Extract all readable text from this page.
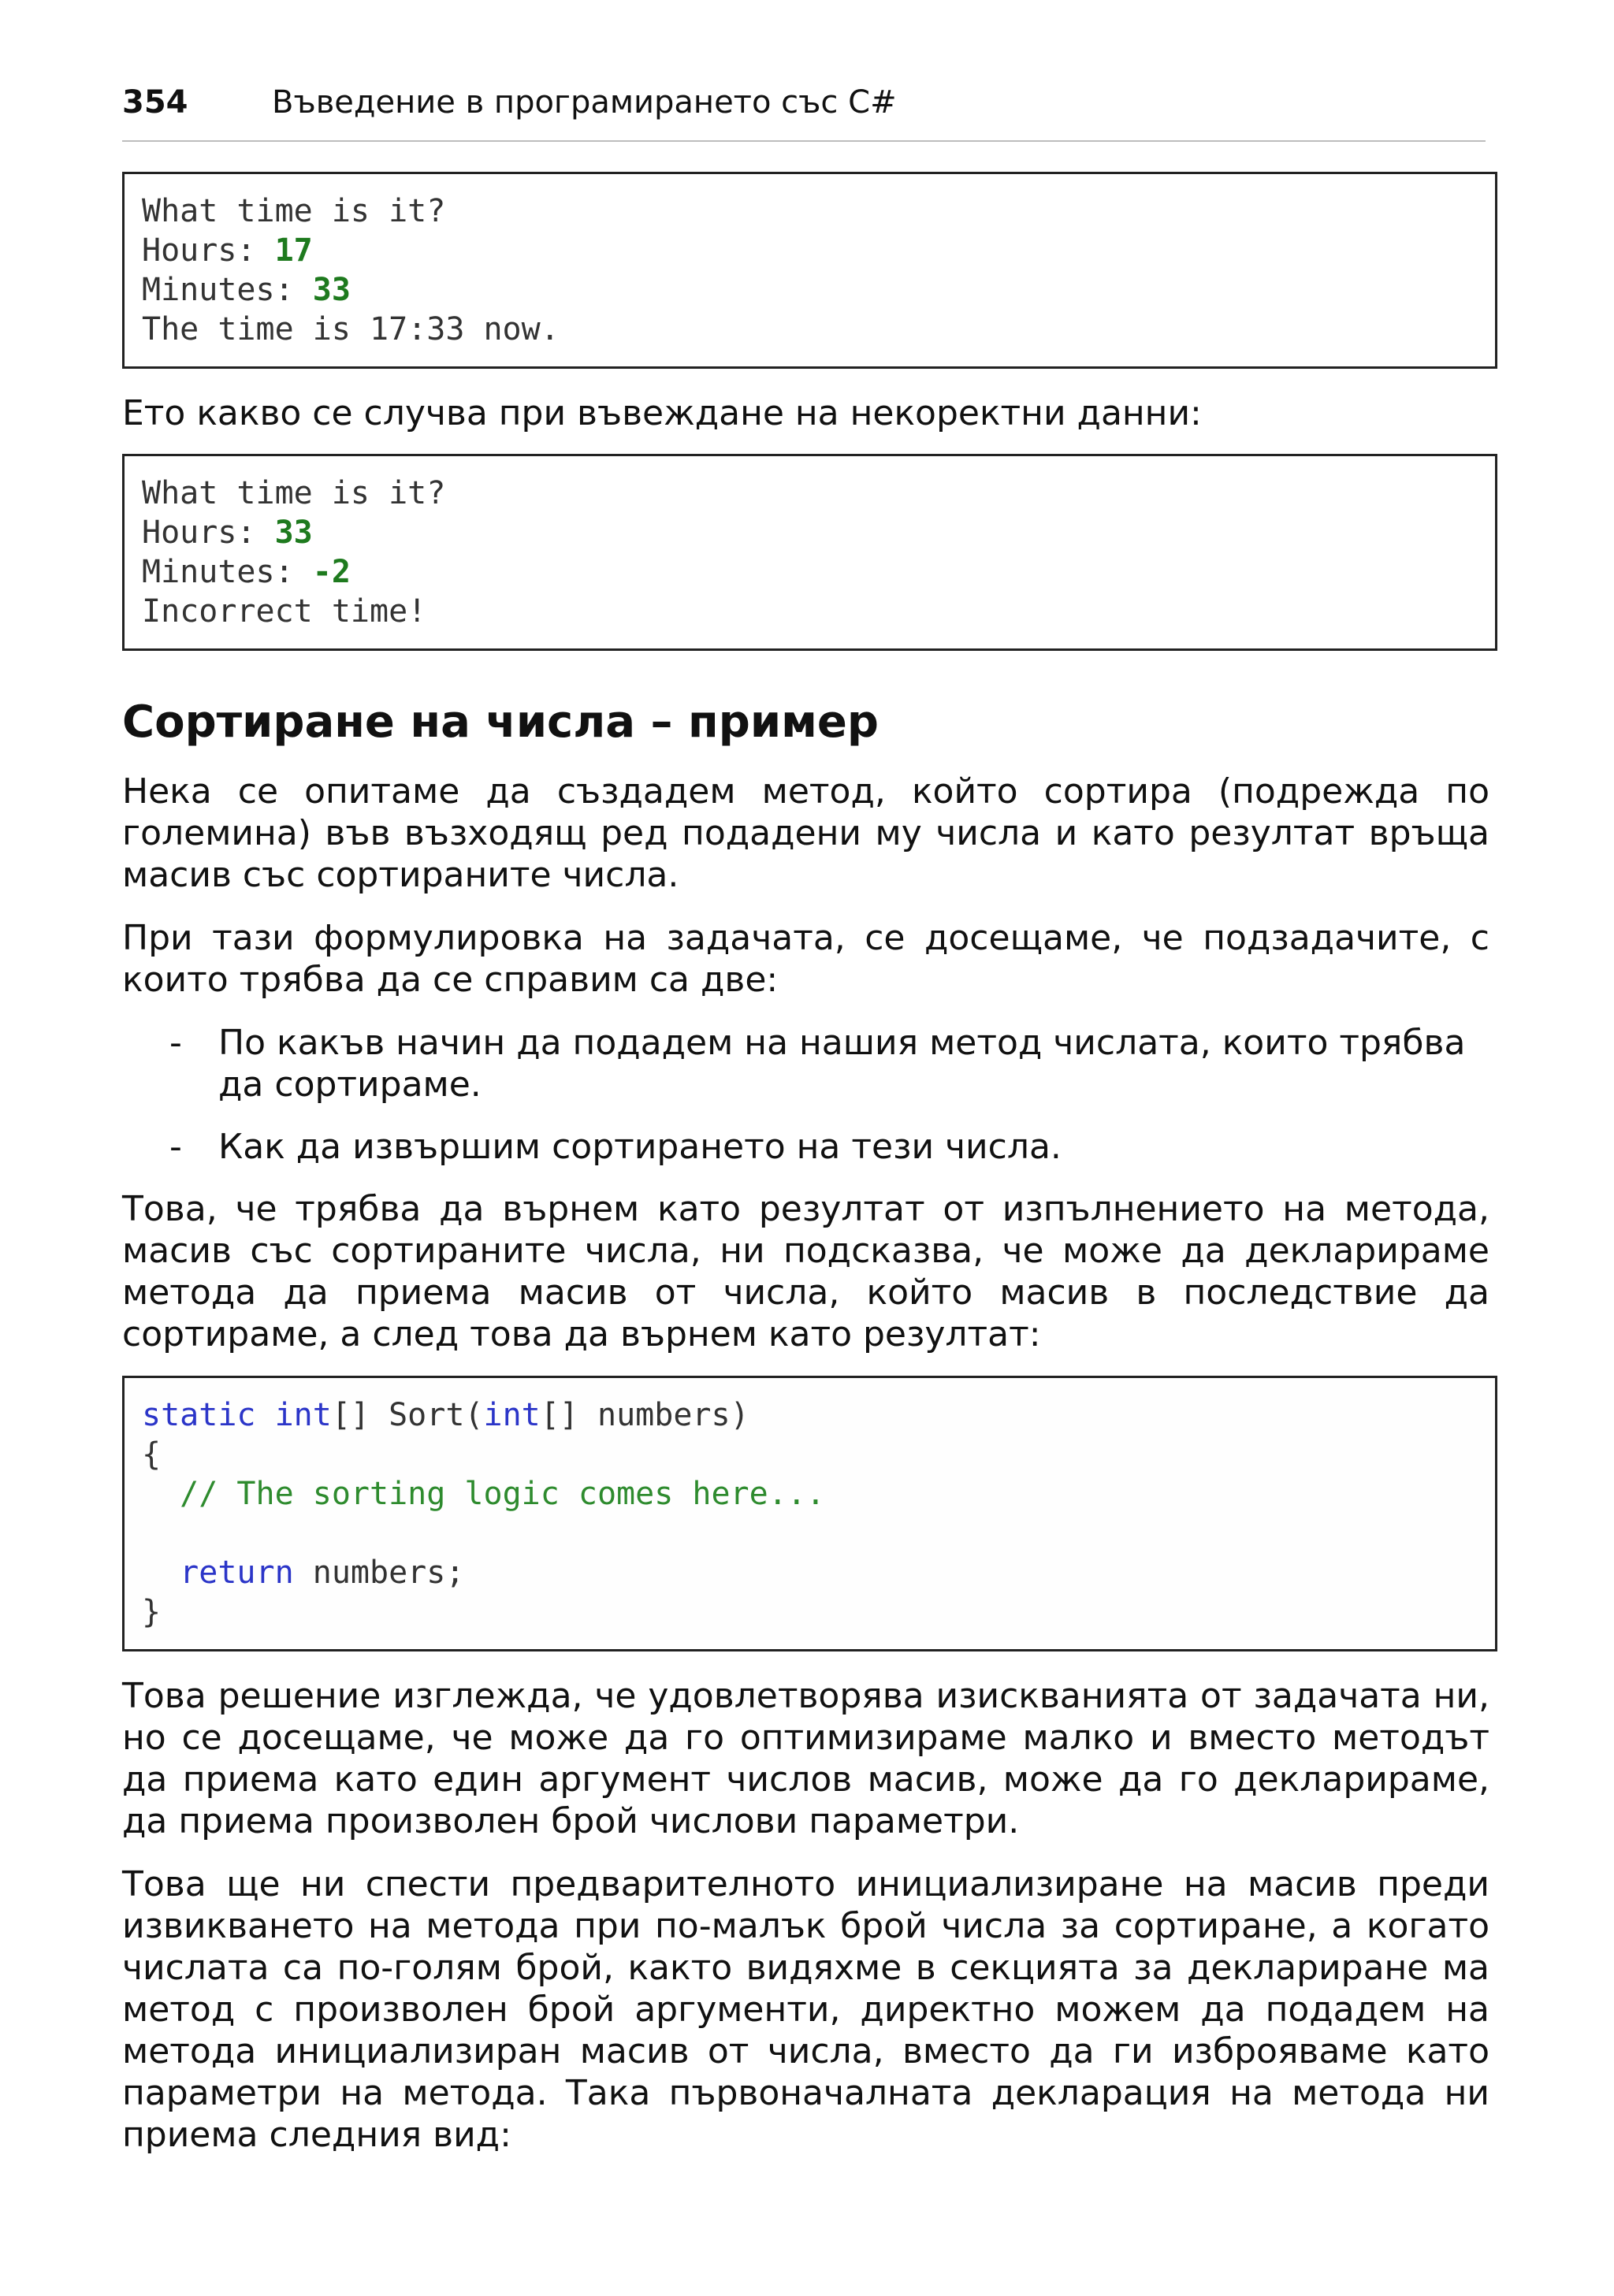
354	Въведение в програмирането със C#
What time is it?
Hours: 17
Minutes: 33
The time is 17:33 now.
Ето какво се случва при въвеждане на некоректни данни:
What time is it?
Hours: 33
Minutes: -2
Incorrect time!
Сортиране на числа – пример
Нека се опитаме да създадем метод, който сортира (подрежда по големина) във възходящ ред подадени му числа и като резултат връща масив със сортираните числа.
При тази формулировка на задачата, се досещаме, че подзадачите, с които трябва да се справим са две:
- По какъв начин да подадем на нашия метод числата, които трябва да сортираме.
- Как да извършим сортирането на тези числа.
Това, че трябва да върнем като резултат от изпълнението на метода, масив със сортираните числа, ни подсказва, че може да декларираме метода да приема масив от числа, който масив в последствие да сортираме, а след това да върнем като резултат:
static int[] Sort(int[] numbers)
{
// The sorting logic comes here...

return numbers;
}
Това решение изглежда, че удовлетворява изискванията от задачата ни, но се досещаме, че може да го оптимизираме малко и вместо методът да приема като един аргумент числов масив, може да го декларираме, да приема произволен брой числови параметри.
Това ще ни спести предварителното инициализиране на масив преди извикването на метода при по-малък брой числа за сортиране, а когато числата са по-голям брой, както видяхме в секцията за деклариране ма метод с произволен брой аргументи, директно можем да подадем на метода инициализиран масив от числа, вместо да ги изброяваме като параметри на метода. Така първоначалната декларация на метода ни приема следния вид:
